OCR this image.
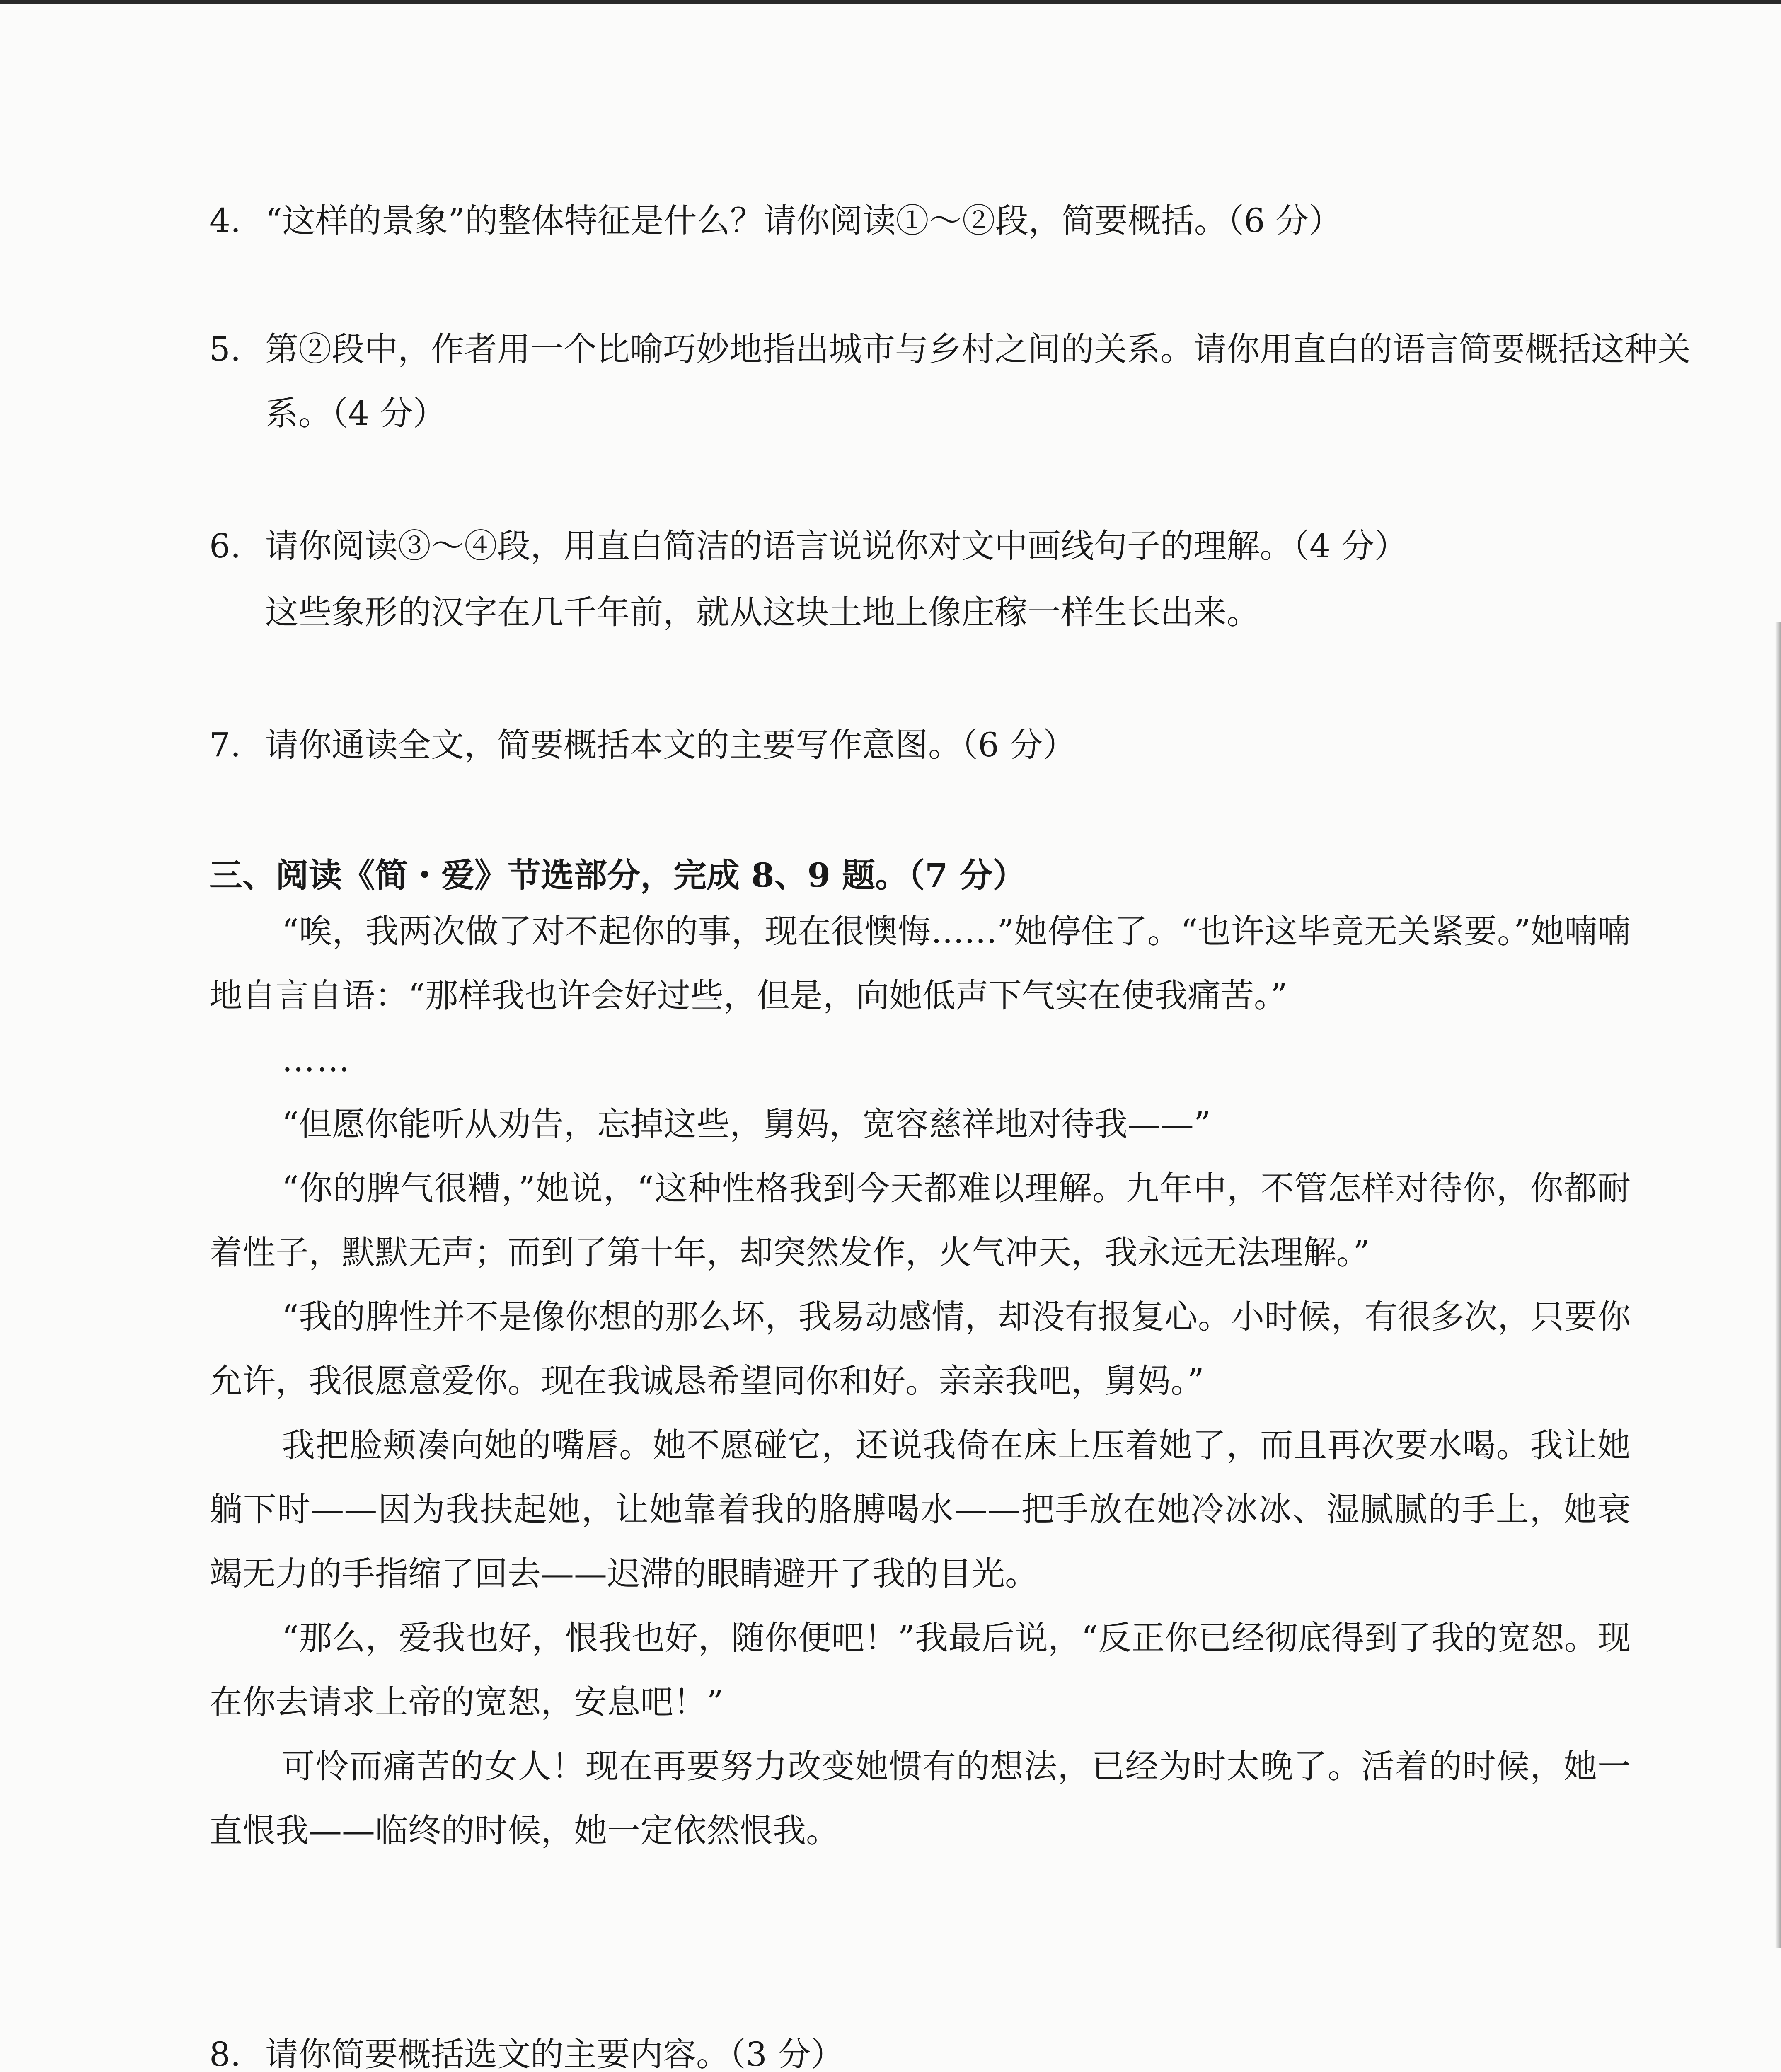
4. “这样的景象”的整体特征是什么？请你阅读①～②段，简要概括。（6 分）

5. 第②段中，作者用一个比喻巧妙地指出城市与乡村之间的关系。请你用直白的语言简要概括这种关系。（4 分）

6. 请你阅读③～④段，用直白简洁的语言说说你对文中画线句子的理解。（4 分）

这些象形的汉字在几千年前，就从这块土地上像庄稼一样生长出来。

7. 请你通读全文，简要概括本文的主要写作意图。（6 分）

三、阅读《简・爱》节选部分，完成 8、9 题。（7 分）

“唉，我两次做了对不起你的事，现在很懊悔……”她停住了。“也许这毕竟无关紧要。”她喃喃地自言自语：“那样我也许会好过些，但是，向她低声下气实在使我痛苦。”

……

“但愿你能听从劝告，忘掉这些，舅妈，宽容慈祥地对待我——”

“你的脾气很糟，”她说，“这种性格我到今天都难以理解。九年中，不管怎样对待你，你都耐着性子，默默无声；而到了第十年，却突然发作，火气冲天，我永远无法理解。”

“我的脾性并不是像你想的那么坏，我易动感情，却没有报复心。小时候，有很多次，只要你允许，我很愿意爱你。现在我诚恳希望同你和好。亲亲我吧，舅妈。”

我把脸颊凑向她的嘴唇。她不愿碰它，还说我倚在床上压着她了，而且再次要水喝。我让她躺下时——因为我扶起她，让她靠着我的胳膊喝水——把手放在她冷冰冰、湿腻腻的手上，她衰竭无力的手指缩了回去——迟滞的眼睛避开了我的目光。

“那么，爱我也好，恨我也好，随你便吧！”我最后说，“反正你已经彻底得到了我的宽恕。现在你去请求上帝的宽恕，安息吧！”

可怜而痛苦的女人！现在再要努力改变她惯有的想法，已经为时太晚了。活着的时候，她一直恨我——临终的时候，她一定依然恨我。

8. 请你简要概括选文的主要内容。（3 分）
